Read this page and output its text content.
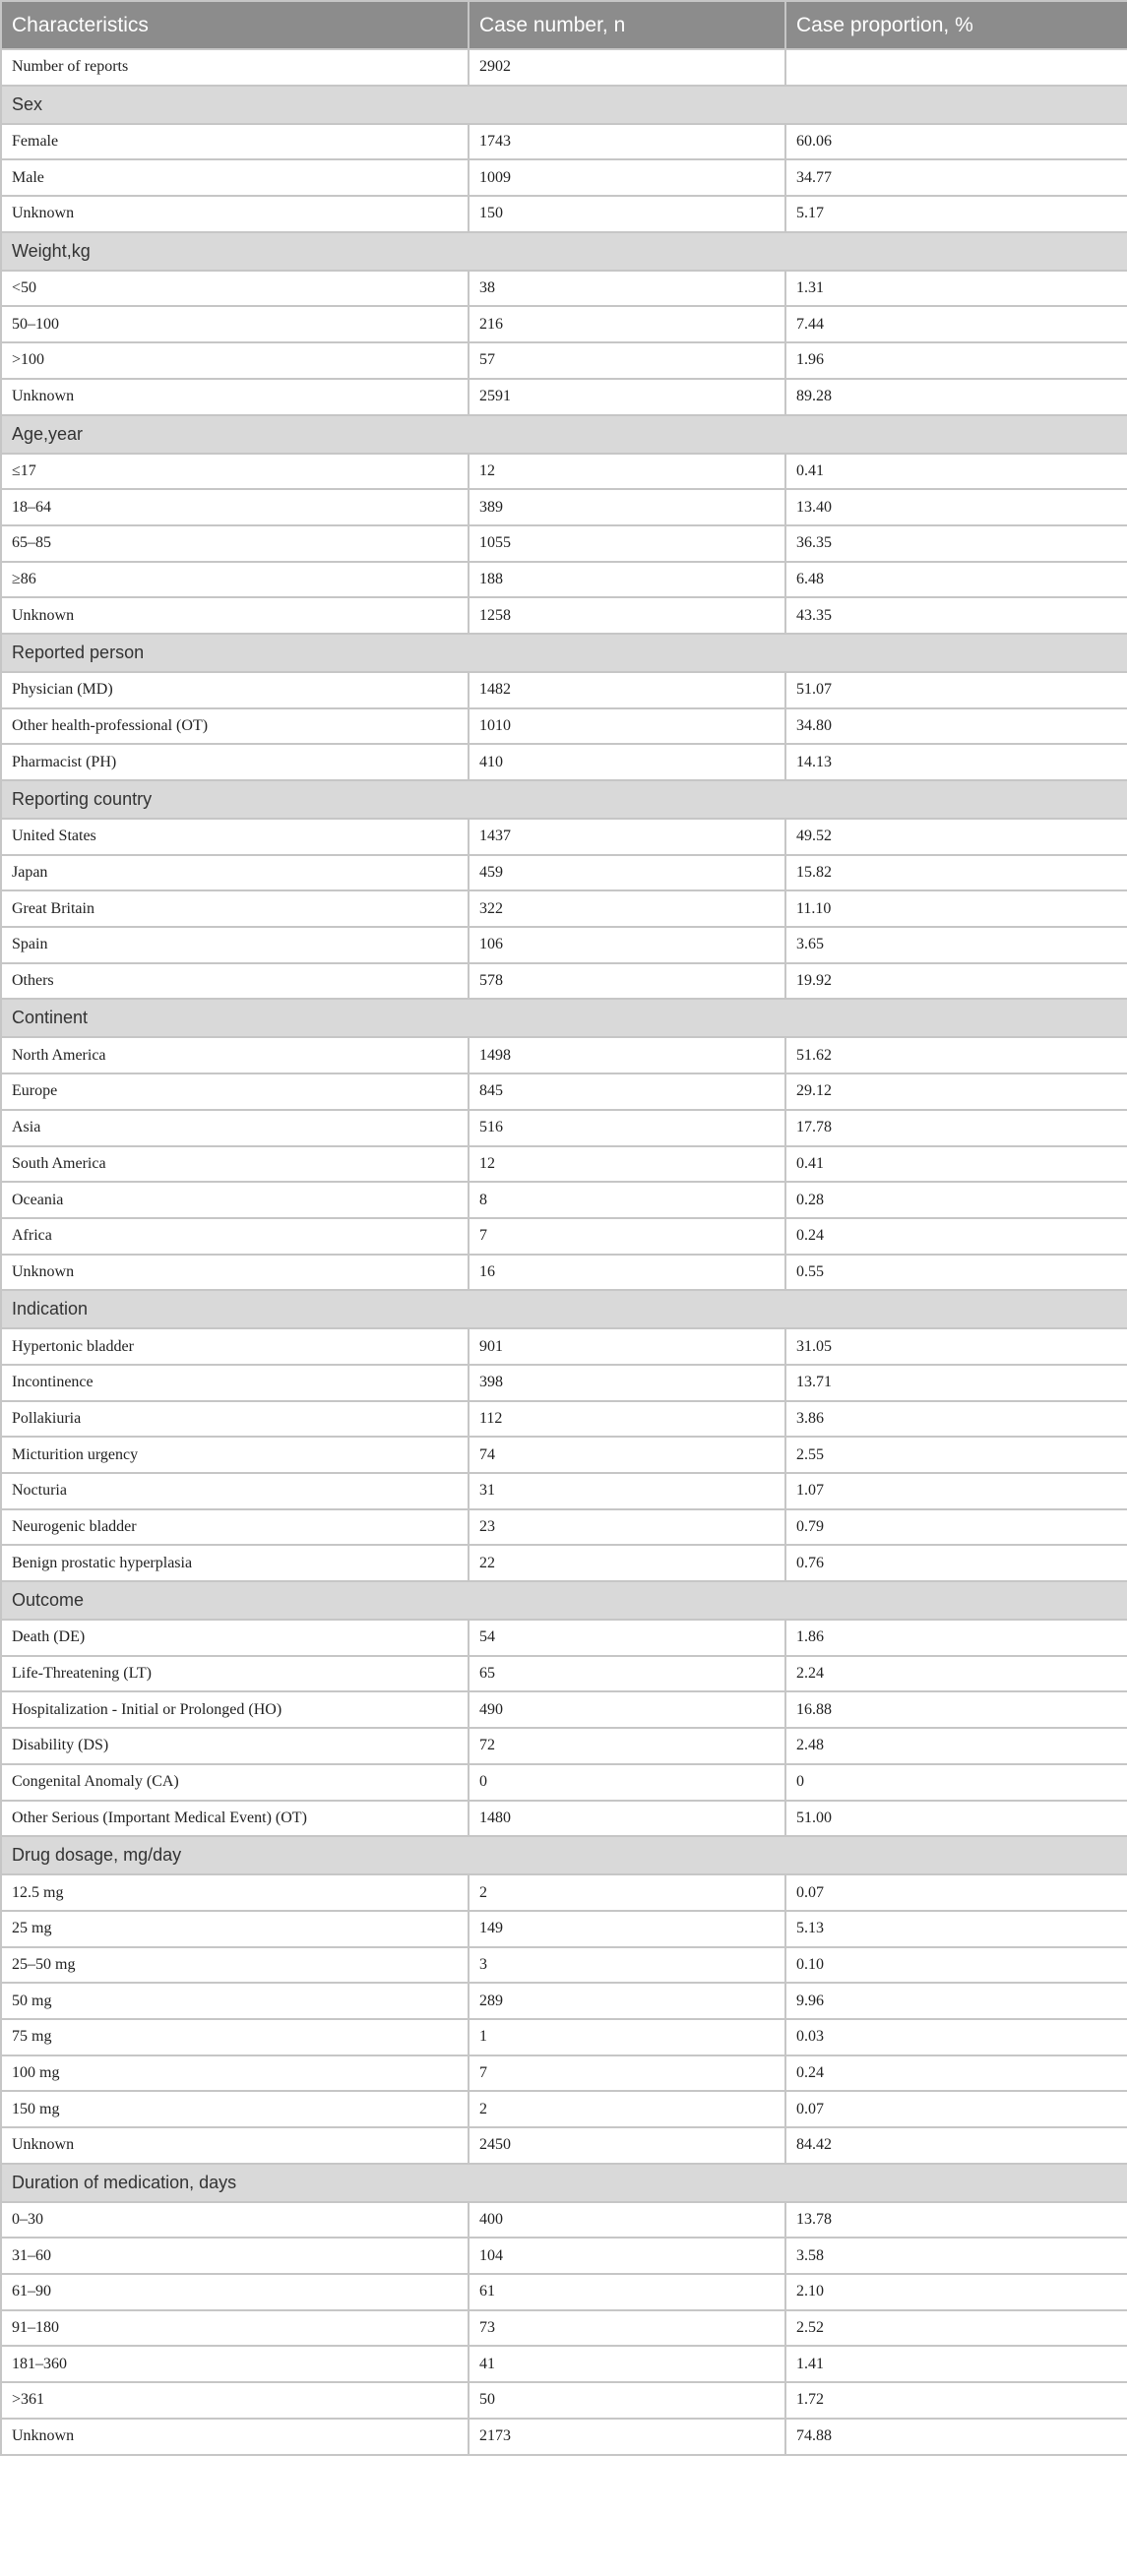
Characteristics	Case number, n	Case proportion, %
Number of reports	2902	
Sex		
Female	1743	60.06
Male	1009	34.77
Unknown	150	5.17
Weight,kg		
<50	38	1.31
50–100	216	7.44
>100	57	1.96
Unknown	2591	89.28
Age,year		
≤17	12	0.41
18–64	389	13.40
65–85	1055	36.35
≥86	188	6.48
Unknown	1258	43.35
Reported person		
Physician (MD)	1482	51.07
Other health-professional (OT)	1010	34.80
Pharmacist (PH)	410	14.13
Reporting country		
United States	1437	49.52
Japan	459	15.82
Great Britain	322	11.10
Spain	106	3.65
Others	578	19.92
Continent		
North America	1498	51.62
Europe	845	29.12
Asia	516	17.78
South America	12	0.41
Oceania	8	0.28
Africa	7	0.24
Unknown	16	0.55
Indication		
Hypertonic bladder	901	31.05
Incontinence	398	13.71
Pollakiuria	112	3.86
Micturition urgency	74	2.55
Nocturia	31	1.07
Neurogenic bladder	23	0.79
Benign prostatic hyperplasia	22	0.76
Outcome		
Death (DE)	54	1.86
Life-Threatening (LT)	65	2.24
Hospitalization - Initial or Prolonged (HO)	490	16.88
Disability (DS)	72	2.48
Congenital Anomaly (CA)	0	0
Other Serious (Important Medical Event) (OT)	1480	51.00
Drug dosage, mg/day		
12.5 mg	2	0.07
25 mg	149	5.13
25–50 mg	3	0.10
50 mg	289	9.96
75 mg	1	0.03
100 mg	7	0.24
150 mg	2	0.07
Unknown	2450	84.42
Duration of medication, days		
0–30	400	13.78
31–60	104	3.58
61–90	61	2.10
91–180	73	2.52
181–360	41	1.41
>361	50	1.72
Unknown	2173	74.88
